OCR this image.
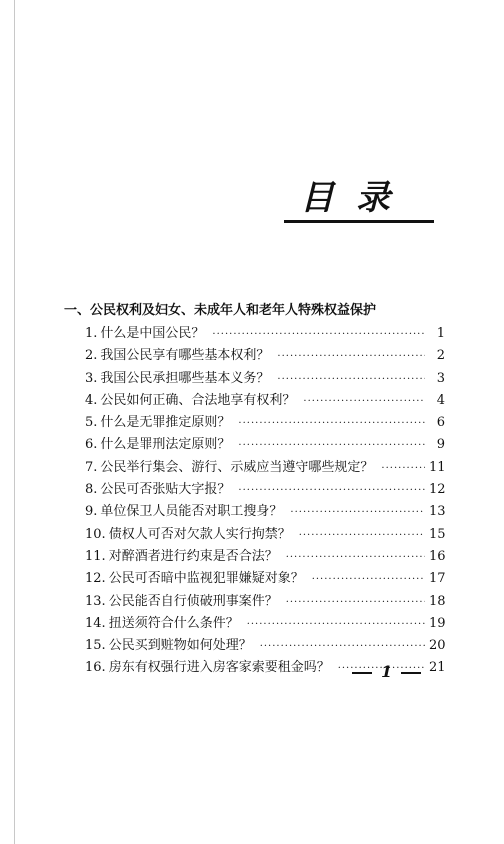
目录
一、公民权利及妇女、未成年人和老年人特殊权益保护
1. 什么是中国公民？ ·····	1
2. 我国公民享有哪些基本权利？ ·····	2
3. 我国公民承担哪些基本义务？ ·····	3
4. 公民如何正确、合法地享有权利？ ·····	4
5. 什么是无罪推定原则？ ·····	6
6. 什么是罪刑法定原则？ ·····	9
7. 公民举行集会、游行、示威应当遵守哪些规定？ ·····	11
8. 公民可否张贴大字报？ ·····	12
9. 单位保卫人员能否对职工搜身？ ·····	13
10. 债权人可否对欠款人实行拘禁？ ·····	15
11. 对醉酒者进行约束是否合法？ ·····	16
12. 公民可否暗中监视犯罪嫌疑对象？ ·····	17
13. 公民能否自行侦破刑事案件？ ·····	18
14. 扭送须符合什么条件？ ·····	19
15. 公民买到赃物如何处理？ ·····	20
16. 房东有权强行进入房客家索要租金吗？ ·····	21
1
